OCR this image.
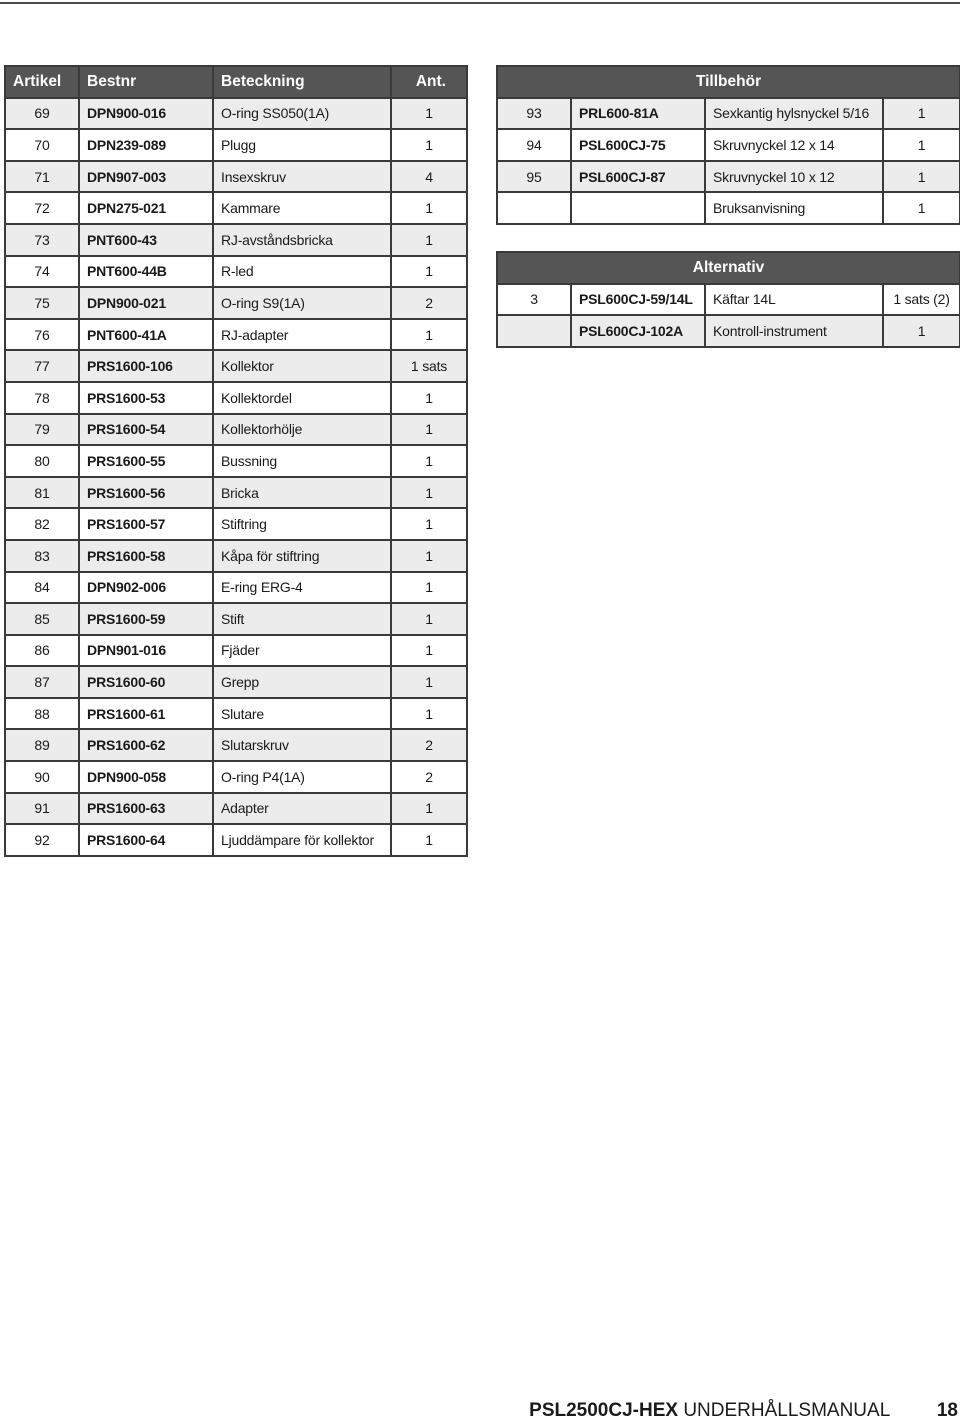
Artikel	Bestnr	Beteckning	Ant.
69	DPN900-016	O-ring SS050(1A)	1
70	DPN239-089	Plugg	1
71	DPN907-003	Insexskruv	4
72	DPN275-021	Kammare	1
73	PNT600-43	RJ-avståndsbricka	1
74	PNT600-44B	R-led	1
75	DPN900-021	O-ring S9(1A)	2
76	PNT600-41A	RJ-adapter	1
77	PRS1600-106	Kollektor	1 sats
78	PRS1600-53	Kollektordel	1
79	PRS1600-54	Kollektorhölje	1
80	PRS1600-55	Bussning	1
81	PRS1600-56	Bricka	1
82	PRS1600-57	Stiftring	1
83	PRS1600-58	Kåpa för stiftring	1
84	DPN902-006	E-ring ERG-4	1
85	PRS1600-59	Stift	1
86	DPN901-016	Fjäder	1
87	PRS1600-60	Grepp	1
88	PRS1600-61	Slutare	1
89	PRS1600-62	Slutarskruv	2
90	DPN900-058	O-ring P4(1A)	2
91	PRS1600-63	Adapter	1
92	PRS1600-64	Ljuddämpare för kollektor	1
Tillbehör			
93	PRL600-81A	Sexkantig hylsnyckel 5/16	1
94	PSL600CJ-75	Skruvnyckel 12 x 14	1
95	PSL600CJ-87	Skruvnyckel 10 x 12	1
		Bruksanvisning	1

Alternativ			
3	PSL600CJ-59/14L	Käftar 14L	1 sats (2)
	PSL600CJ-102A	Kontroll-instrument	1
PSL2500CJ-HEX UNDERHÅLLSMANUAL 18
